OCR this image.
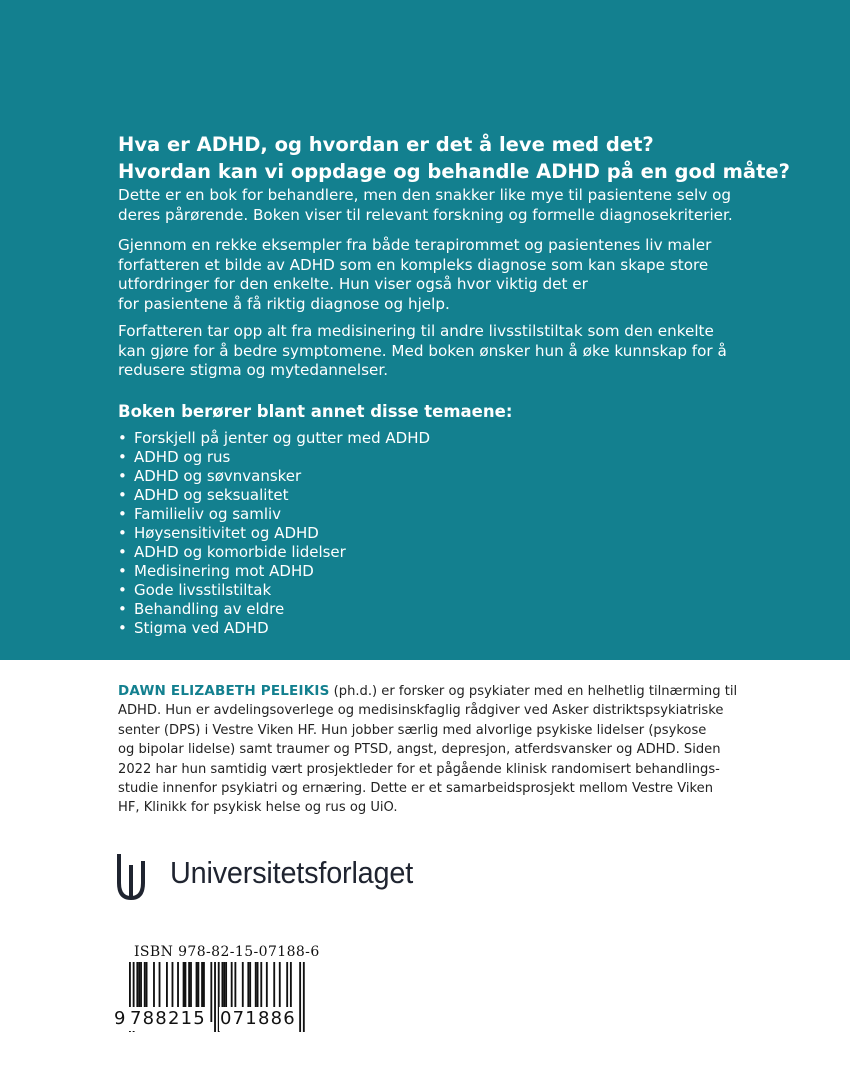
Hva er ADHD, og hvordan er det å leve med det?
Hvordan kan vi oppdage og behandle ADHD på en god måte?

Dette er en bok for behandlere, men den snakker like mye til pasientene selv og
deres pårørende. Boken viser til relevant forskning og formelle diagnosekriterier.

Gjennom en rekke eksempler fra både terapirommet og pasientenes liv maler
forfatteren et bilde av ADHD som en kompleks diagnose som kan skape store
utfordringer for den enkelte. Hun viser også hvor viktig det er
for pasientene å få riktig diagnose og hjelp.

Forfatteren tar opp alt fra medisinering til andre livsstilstiltak som den enkelte
kan gjøre for å bedre symptomene. Med boken ønsker hun å øke kunnskap for å
redusere stigma og mytedannelser.

Boken berører blant annet disse temaene:
• Forskjell på jenter og gutter med ADHD
• ADHD og rus
• ADHD og søvnvansker
• ADHD og seksualitet
• Familieliv og samliv
• Høysensitivitet og ADHD
• ADHD og komorbide lidelser
• Medisinering mot ADHD
• Gode livsstilstiltak
• Behandling av eldre
• Stigma ved ADHD
DAWN ELIZABETH PELEIKIS (ph.d.) er forsker og psykiater med en helhetlig tilnærming til
ADHD. Hun er avdelingsoverlege og medisinskfaglig rådgiver ved Asker distriktspsykiatriske
senter (DPS) i Vestre Viken HF. Hun jobber særlig med alvorlige psykiske lidelser (psykose
og bipolar lidelse) samt traumer og PTSD, angst, depresjon, atferdsvansker og ADHD. Siden
2022 har hun samtidig vært prosjektleder for et pågående klinisk randomisert behandlings-
studie innenfor psykiatri og ernæring. Dette er et samarbeidsprosjekt mellom Vestre Viken
HF, Klinikk for psykisk helse og rus og UiO.

Universitetsforlaget

ISBN 978-82-15-07188-6

9 788215 071886
